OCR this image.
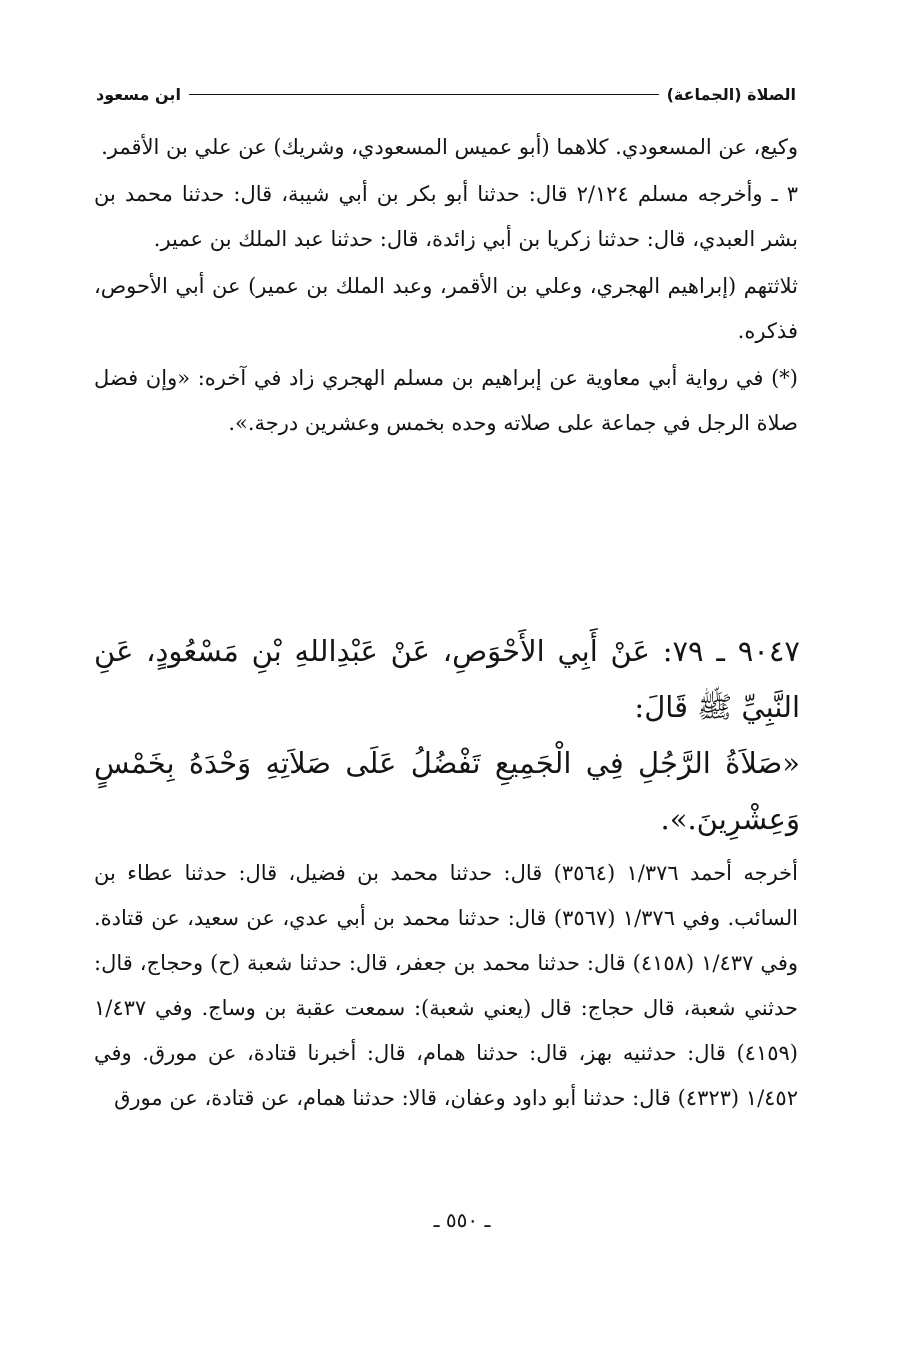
الصلاة (الجماعة)
ابن مسعود

وكيع، عن المسعودي. كلاهما (أبو عميس المسعودي، وشريك) عن علي بن الأقمر.

٣ ـ وأخرجه مسلم ٢/١٢٤ قال: حدثنا أبو بكر بن أبي شيبة، قال: حدثنا محمد بن بشر العبدي، قال: حدثنا زكريا بن أبي زائدة، قال: حدثنا عبد الملك بن عمير.

ثلاثتهم (إبراهيم الهجري، وعلي بن الأقمر، وعبد الملك بن عمير) عن أبي الأحوص، فذكره.

(*) في رواية أبي معاوية عن إبراهيم بن مسلم الهجري زاد في آخره: «وإن فضل صلاة الرجل في جماعة على صلاته وحده بخمس وعشرين درجة.».

٩٠٤٧ ـ ٧٩: عَنْ أَبِي الأَحْوَصِ، عَنْ عَبْدِاللهِ بْنِ مَسْعُودٍ، عَنِ النَّبِيِّ ﷺ قَالَ:

«صَلاَةُ الرَّجُلِ فِي الْجَمِيعِ تَفْضُلُ عَلَى صَلاَتِهِ وَحْدَهُ بِخَمْسٍ وَعِشْرِينَ.».

أخرجه أحمد ١/٣٧٦ (٣٥٦٤) قال: حدثنا محمد بن فضيل، قال: حدثنا عطاء بن السائب. وفي ١/٣٧٦ (٣٥٦٧) قال: حدثنا محمد بن أبي عدي، عن سعيد، عن قتادة. وفي ١/٤٣٧ (٤١٥٨) قال: حدثنا محمد بن جعفر، قال: حدثنا شعبة (ح) وحجاج، قال: حدثني شعبة، قال حجاج: قال (يعني شعبة): سمعت عقبة بن وساج. وفي ١/٤٣٧ (٤١٥٩) قال: حدثنيه بهز، قال: حدثنا همام، قال: أخبرنا قتادة، عن مورق. وفي ١/٤٥٢ (٤٣٢٣) قال: حدثنا أبو داود وعفان، قالا: حدثنا همام، عن قتادة، عن مورق

ـ ٥٥٠ ـ
